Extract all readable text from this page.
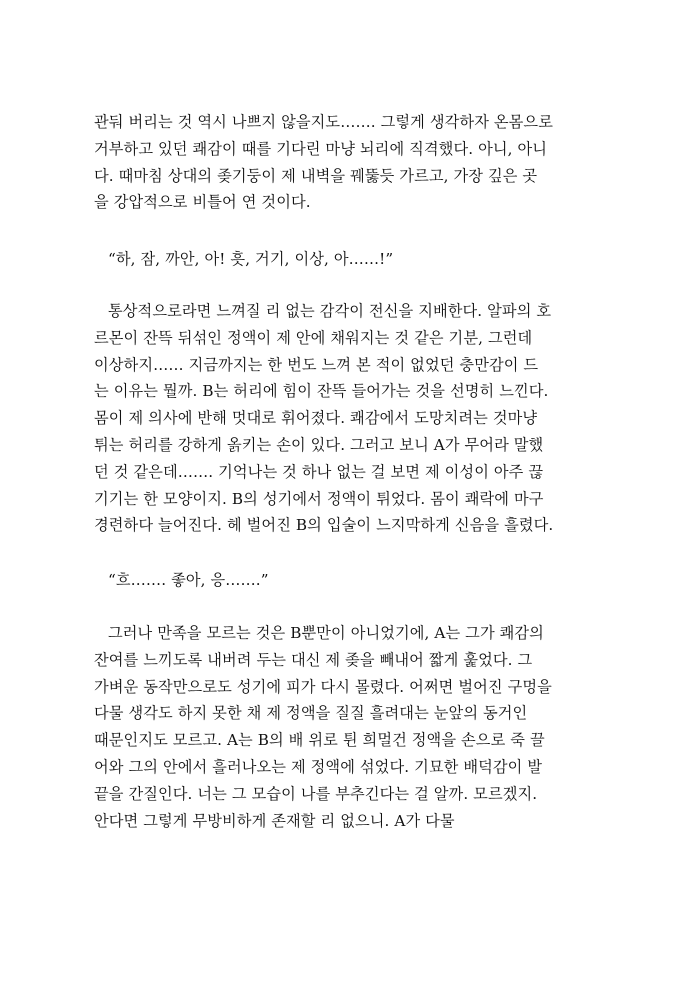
관둬 버리는 것 역시 나쁘지 않을지도……. 그렇게 생각하자 온몸으로
거부하고 있던 쾌감이 때를 기다린 마냥 뇌리에 직격했다. 아니, 아니
다. 때마침 상대의 좆기둥이 제 내벽을 꿰뚫듯 가르고, 가장 깊은 곳
을 강압적으로 비틀어 연 것이다.
“하, 잠, 까안, 아! 흣, 거기, 이상, 아……!”
통상적으로라면 느껴질 리 없는 감각이 전신을 지배한다. 알파의 호
르몬이 잔뜩 뒤섞인 정액이 제 안에 채워지는 것 같은 기분, 그런데
이상하지…… 지금까지는 한 번도 느껴 본 적이 없었던 충만감이 드
는 이유는 뭘까. B는 허리에 힘이 잔뜩 들어가는 것을 선명히 느낀다.
몸이 제 의사에 반해 멋대로 휘어졌다. 쾌감에서 도망치려는 것마냥
튀는 허리를 강하게 옭키는 손이 있다. 그러고 보니 A가 무어라 말했
던 것 같은데……. 기억나는 것 하나 없는 걸 보면 제 이성이 아주 끊
기기는 한 모양이지. B의 성기에서 정액이 튀었다. 몸이 쾌락에 마구
경련하다 늘어진다. 헤 벌어진 B의 입술이 느지막하게 신음을 흘렸다.
“흐……. 좋아, 응…….”
그러나 만족을 모르는 것은 B뿐만이 아니었기에, A는 그가 쾌감의
잔여를 느끼도록 내버려 두는 대신 제 좆을 빼내어 짧게 훑었다. 그
가벼운 동작만으로도 성기에 피가 다시 몰렸다. 어쩌면 벌어진 구멍을
다물 생각도 하지 못한 채 제 정액을 질질 흘려대는 눈앞의 동거인
때문인지도 모르고. A는 B의 배 위로 튄 희멀건 정액을 손으로 죽 끌
어와 그의 안에서 흘러나오는 제 정액에 섞었다. 기묘한 배덕감이 발
끝을 간질인다. 너는 그 모습이 나를 부추긴다는 걸 알까. 모르겠지.
안다면 그렇게 무방비하게 존재할 리 없으니. A가 다물
